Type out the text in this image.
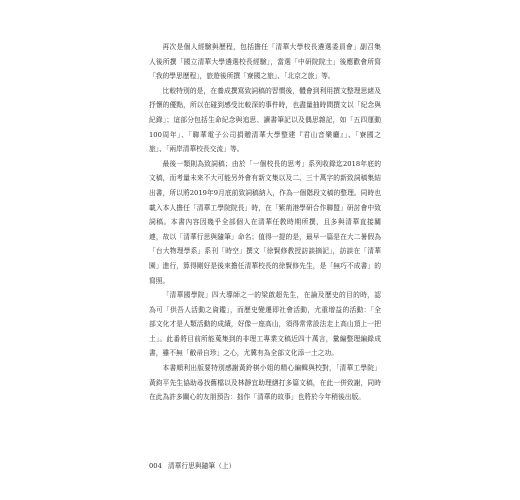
再次是個人經驗與歷程，包括擔任「清華大學校長遴選委員會」副召集
人後所撰「國立清華大學遴選校長經驗」，當選「中研院院士」後應歡會所寫
「我的學思歷程」，旅遊後所撰「寮國之旅」、「北京之旅」等。
比較特別的是，在養成撰寫致詞稿的習慣後，體會到利用撰文整理思緒及
抒懷的優點，所以在碰到感受比較深的事件時，也盡量抽時間撰文以「紀念與
紀錄」；這部分包括生命紀念與追思、讀書筆記以及偶思雜記，如「五四運動
100周年」、「聯華電子公司捐贈清華大學整建『君山音樂廳』」、「寮國之
旅」、「兩岸清華校長交流」等。
最後一類則為致詞稿；由於「一個校長的思考」系列收錄迄2018年底的
文稿，而考量未來不大可能另外會有新文集以及二、三十萬字的新致詞稿集結
出書，所以將2019年9月底前致詞稿納入，作為一個階段文稿的整理。同時也
載入本人擔任「清華工學院院長」時，在「紫荊港學研合作聯盟」研討會中致
詞稿。本書內容因幾乎全部個人在清華任教時期所撰，且多與清華直接關
連，故以「清華行思與隨筆」命名；值得一提的是，最早一篇是在大二暑假為
「台大物理學系」系刊「時空」撰文「徐賢修教授訪談摘記」，訪談在「清華
園」進行，算得剛好是後來擔任清華校長的徐賢修先生，是「無巧不成書」的
寫照。
「清華國學院」四大導師之一的梁啟超先生，在論及歷史的目的時，認
為可「供吾人活動之資鑑」，而歷史變遷即社會活動，尤重增益的活動：「全
部文化才是人類活動的成績，好像一座高山，須得常常設法走上高山頂上一把
土」。此番將目前所能蒐集到的非理工專業文稿近四十萬言，彙編整理編錄成
書，雖不無「敝帚自珍」之心，尤冀有為全部文化添一土之功。
本書順利出版要特別感謝黃鈴棋小姐的精心編輯與校對，「清華工學院」
黃鈞平先生協助尋找舊檔以及林靜宜助理繕打多篇文稿，在此一併致謝，同時
在此為許多關心的友朋預告：拙作「清華的故事」也將於今年稍後出版。
004 清華行思與隨筆（上）
